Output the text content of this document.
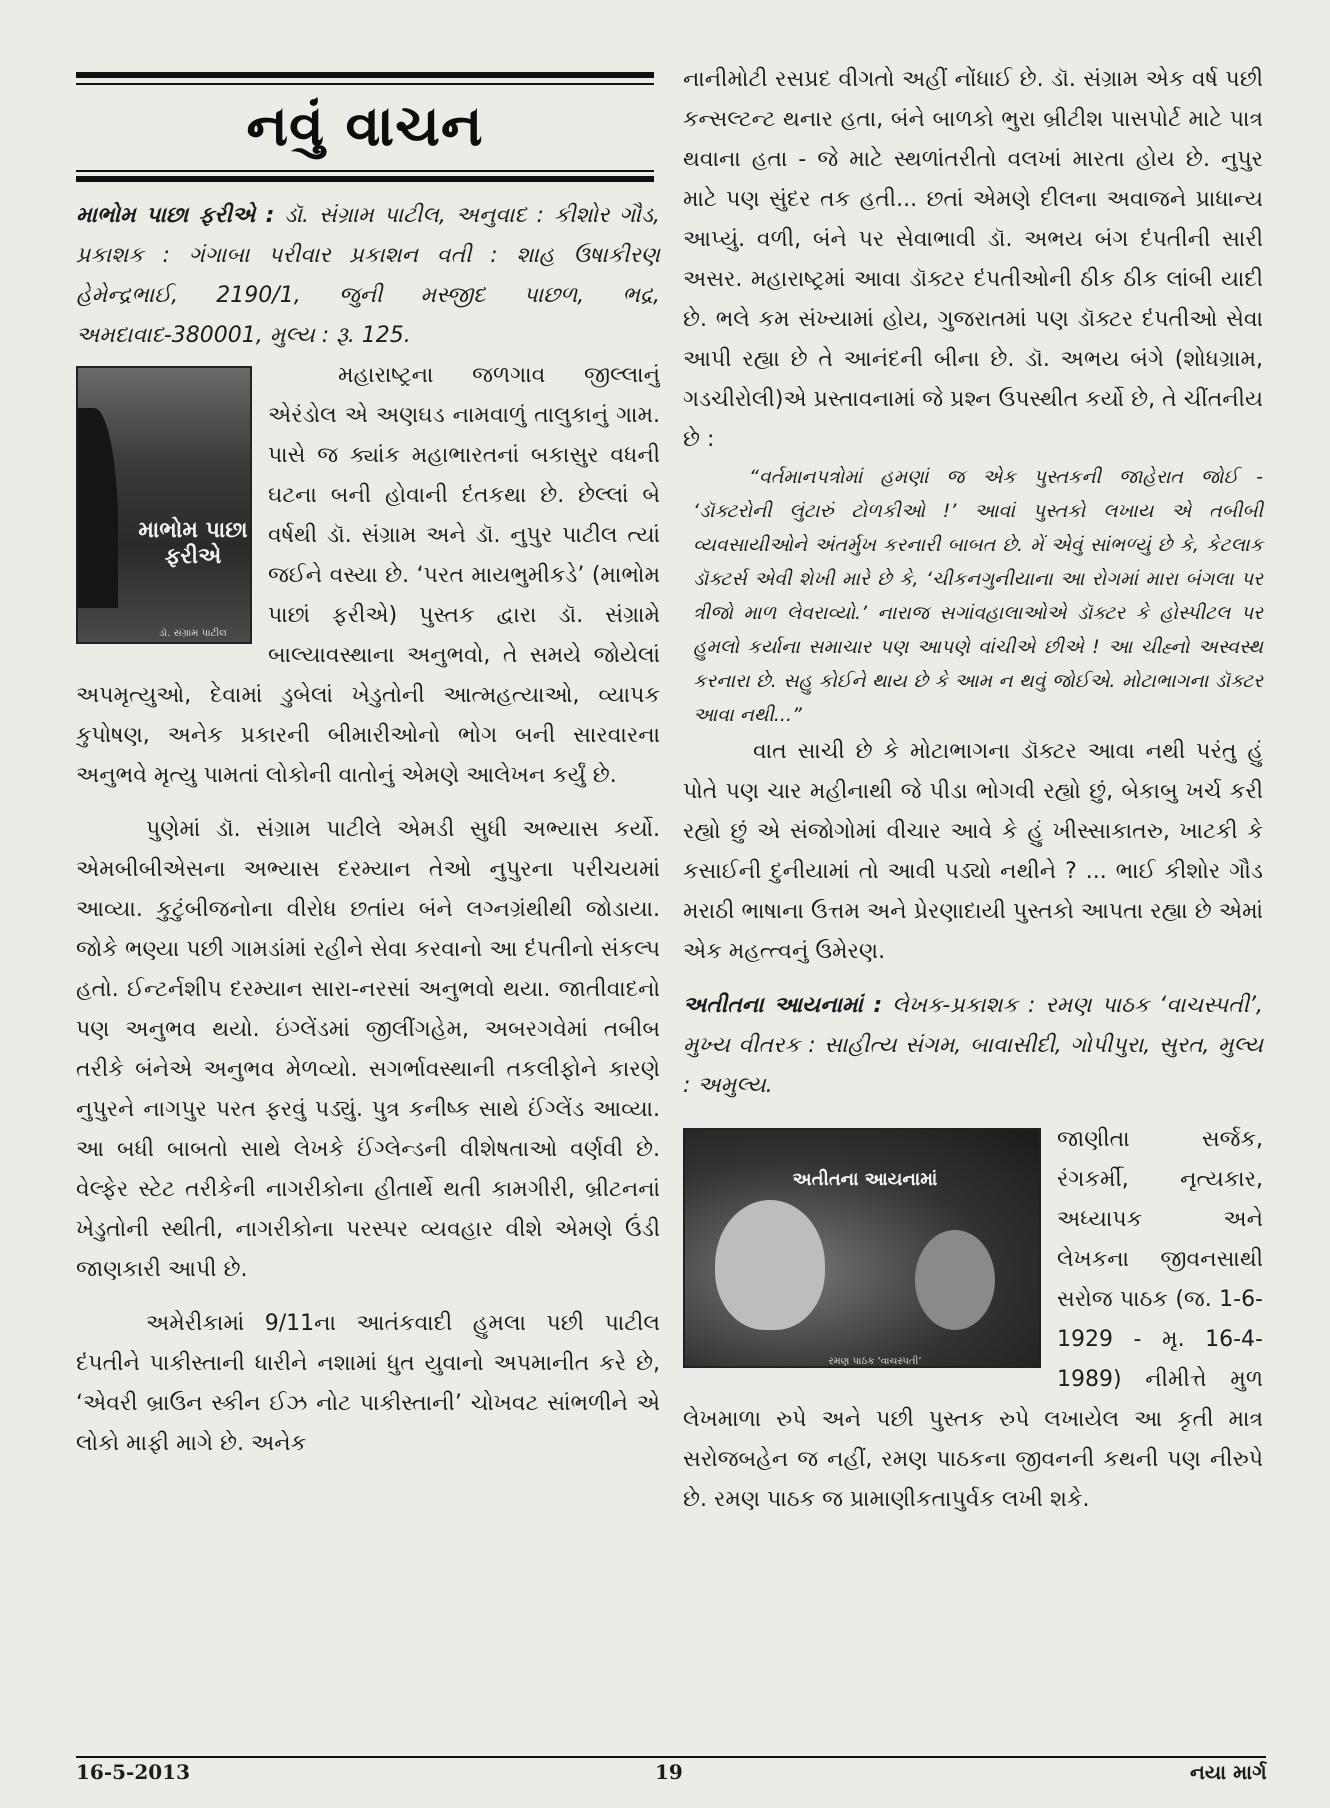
નવું વાચન

માભોમ પાછા ફરીએ : ડૉ. સંગ્રામ પાટીલ, અનુવાદ : કીશોર ગૌડ, પ્રકાશક : ગંગાબા પરીવાર પ્રકાશન વતી : શાહ ઉષાકીરણ હેમેન્દ્રભાઈ, 2190/1, જુની મસ્જીદ પાછળ, ભદ્ર, અમદાવાદ-380001, મુલ્ય : રૂ. 125.

માભોમ પાછા ફરીએ
ડૉ. સંગ્રામ પાટીલ

મહારાષ્ટ્રના જળગાવ જીલ્લાનું એરંડોલ એ અણઘડ નામવાળું તાલુકાનું ગામ. પાસે જ ક્યાંક મહાભારતનાં બકાસુર વધની ઘટના બની હોવાની દંતકથા છે. છેલ્લાં બે વર્ષથી ડૉ. સંગ્રામ અને ડૉ. નુપુર પાટીલ ત્યાં જઈને વસ્યા છે. ‘પરત માયભુમીકડે’ (માભોમ પાછાં ફરીએ) પુસ્તક દ્વારા ડૉ. સંગ્રામે બાલ્યાવસ્થાના અનુભવો, તે સમયે જોયેલાં અપમૃત્યુઓ, દેવામાં ડુબેલાં ખેડુતોની આત્મહત્યાઓ, વ્યાપક કુપોષણ, અનેક પ્રકારની બીમારીઓનો ભોગ બની સારવારના અનુભવે મૃત્યુ પામતાં લોકોની વાતોનું એમણે આલેખન કર્યું છે.

પુણેમાં ડૉ. સંગ્રામ પાટીલે એમડી સુધી અભ્યાસ કર્યો. એમબીબીએસના અભ્યાસ દરમ્યાન તેઓ નુપુરના પરીચયમાં આવ્યા. કુટુંબીજનોના વીરોધ છતાંય બંને લગ્નગ્રંથીથી જોડાયા. જોકે ભણ્યા પછી ગામડાંમાં રહીને સેવા કરવાનો આ દંપતીનો સંકલ્પ હતો. ઈન્ટર્નશીપ દરમ્યાન સારા-નરસાં અનુભવો થયા. જાતીવાદનો પણ અનુભવ થયો. ઇંગ્લેંડમાં જીલીંગહેમ, અબરગવેમાં તબીબ તરીકે બંનેએ અનુભવ મેળવ્યો. સગર્ભાવસ્થાની તકલીફોને કારણે નુપુરને નાગપુર પરત ફરવું પડ્યું. પુત્ર કનીષ્ક સાથે ઈંગ્લેંડ આવ્યા. આ બધી બાબતો સાથે લેખકે ઈંગ્લેન્ડની વીશેષતાઓ વર્ણવી છે. વેલ્ફેર સ્ટેટ તરીકેની નાગરીકોના હીતાર્થે થતી કામગીરી, બ્રીટનનાં ખેડુતોની સ્થીતી, નાગરીકોના પરસ્પર વ્યવહાર વીશે એમણે ઉંડી જાણકારી આપી છે.

અમેરીકામાં 9/11ના આતંકવાદી હુમલા પછી પાટીલ દંપતીને પાકીસ્તાની ધારીને નશામાં ધુત યુવાનો અપમાનીત કરે છે, ‘એવરી બ્રાઉન સ્કીન ઈઝ નોટ પાકીસ્તાની’ ચોખવટ સાંભળીને એ લોકો માફી માગે છે. અનેક

નાનીમોટી રસપ્રદ વીગતો અહીં નોંધાઈ છે. ડૉ. સંગ્રામ એક વર્ષ પછી કન્સલ્ટન્ટ થનાર હતા, બંને બાળકો ભુરા બ્રીટીશ પાસપોર્ટ માટે પાત્ર થવાના હતા - જે માટે સ્થળાંતરીતો વલખાં મારતા હોય છે. નુપુર માટે પણ સુંદર તક હતી... છતાં એમણે દીલના અવાજને પ્રાધાન્ય આપ્યું. વળી, બંને પર સેવાભાવી ડૉ. અભય બંગ દંપતીની સારી અસર. મહારાષ્ટ્રમાં આવા ડૉક્ટર દંપતીઓની ઠીક ઠીક લાંબી યાદી છે. ભલે કમ સંખ્યામાં હોય, ગુજરાતમાં પણ ડૉક્ટર દંપતીઓ સેવા આપી રહ્યા છે તે આનંદની બીના છે. ડૉ. અભય બંગે (શોધગ્રામ, ગડચીરોલી)એ પ્રસ્તાવનામાં જે પ્રશ્ન ઉપસ્થીત કર્યો છે, તે ચીંતનીય છે :

“વર્તમાનપત્રોમાં હમણાં જ એક પુસ્તકની જાહેરાત જોઈ - ‘ડૉક્ટરોની લુંટારું ટોળકીઓ !’ આવાં પુસ્તકો લખાય એ તબીબી વ્યવસાયીઓને અંતર્મુખ કરનારી બાબત છે. મેં એવું સાંભળ્યું છે કે, કેટલાક ડૉક્ટર્સ એવી શેખી મારે છે કે, ‘ચીકનગુનીયાના આ રોગમાં મારા બંગલા પર ત્રીજો માળ લેવરાવ્યો.’ નારાજ સગાંવહાલાઓએ ડૉક્ટર કે હોસ્પીટલ પર હુમલો કર્યાના સમાચાર પણ આપણે વાંચીએ છીએ ! આ ચીહ્નો અસ્વસ્થ કરનારા છે. સહુ કોઈને થાય છે કે આમ ન થવું જોઈએ. મોટાભાગના ડૉક્ટર આવા નથી...”

વાત સાચી છે કે મોટાભાગના ડૉક્ટર આવા નથી પરંતુ હું પોતે પણ ચાર મહીનાથી જે પીડા ભોગવી રહ્યો છું, બેકાબુ ખર્ચ કરી રહ્યો છું એ સંજોગોમાં વીચાર આવે કે હું ખીસ્સાકાતરુ, ખાટકી કે કસાઈની દુનીયામાં તો આવી પડ્યો નથીને ? ... ભાઈ કીશોર ગૌડ મરાઠી ભાષાના ઉત્તમ અને પ્રેરણાદાયી પુસ્તકો આપતા રહ્યા છે એમાં એક મહત્ત્વનું ઉમેરણ.

અતીતના આયનામાં : લેખક-પ્રકાશક : રમણ પાઠક ‘વાચસ્પતી’, મુખ્ય વીતરક : સાહીત્ય સંગમ, બાવાસીદી, ગોપીપુરા, સુરત, મુલ્ય : અમુલ્ય.

અતીતના આયનામાં
રમણ પાઠક ‘વાચસ્પતી’

જાણીતા સર્જક, રંગકર્મી, નૃત્યકાર, અધ્યાપક અને લેખકના જીવનસાથી સરોજ પાઠક (જ. 1-6-1929 - મૃ. 16-4-1989) નીમીત્તે મુળ લેખમાળા રુપે અને પછી પુસ્તક રુપે લખાયેલ આ કૃતી માત્ર સરોજબહેન જ નહીં, રમણ પાઠકના જીવનની કથની પણ નીરુપે છે. રમણ પાઠક જ પ્રામાણીકતાપુર્વક લખી શકે.

16-5-2013	19	નયા માર્ગ
